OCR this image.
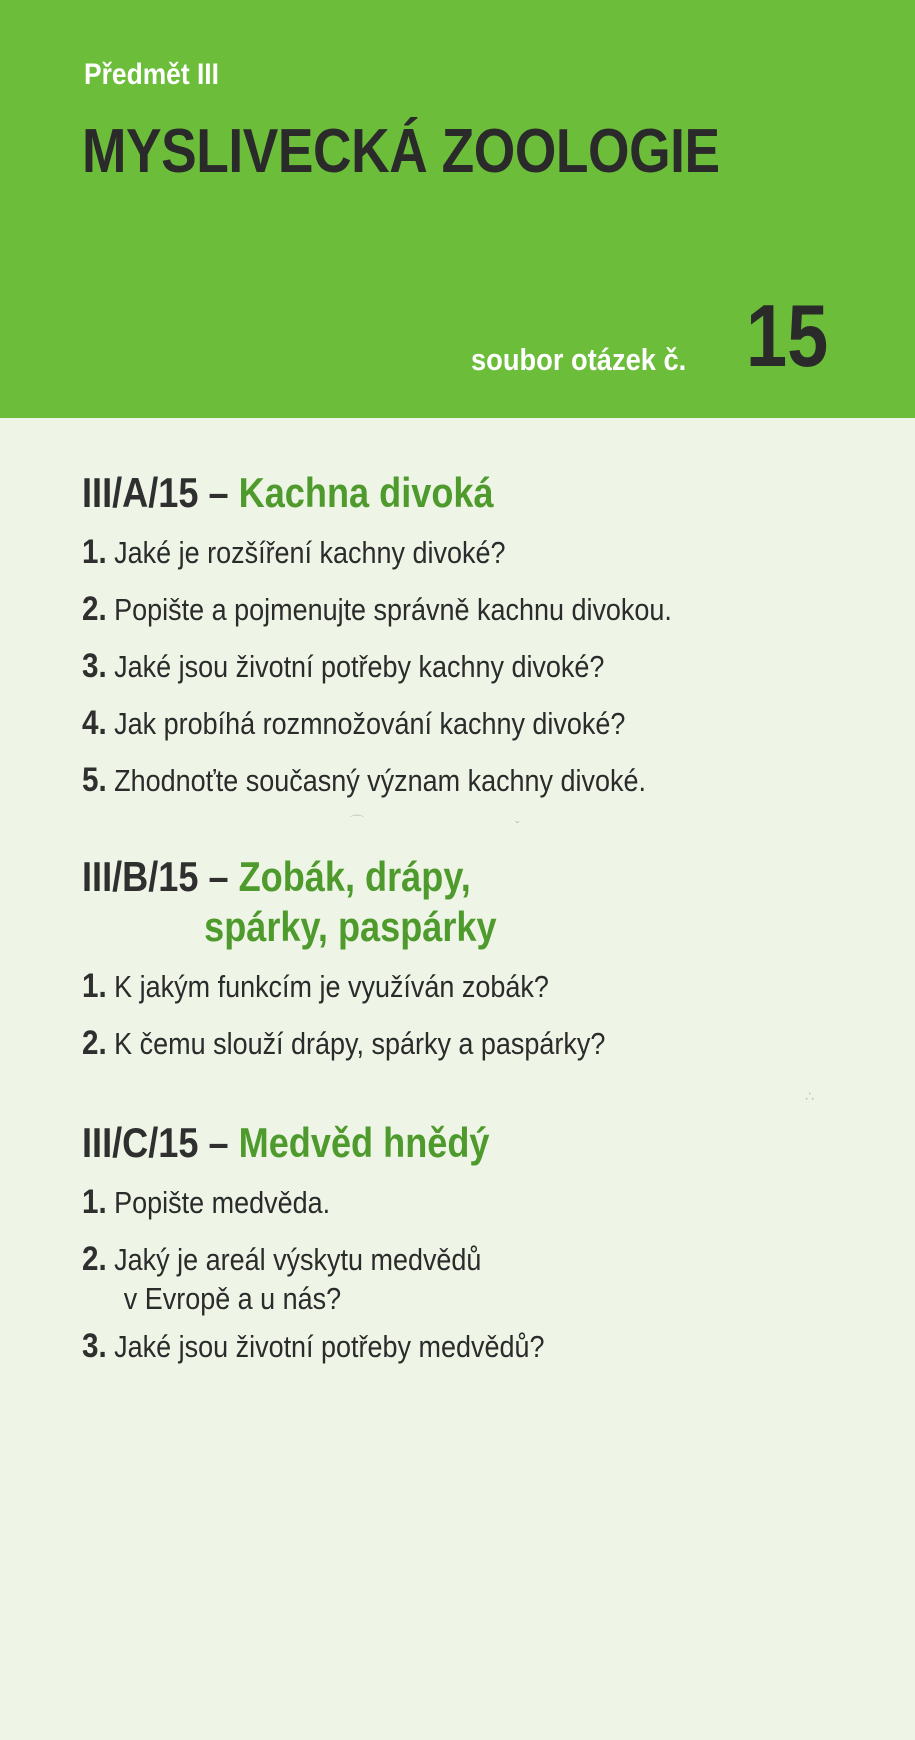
Předmět III
MYSLIVECKÁ ZOOLOGIE
soubor otázek č. 15
III/A/15 – Kachna divoká
1. Jaké je rozšíření kachny divoké?
2. Popište a pojmenujte správně kachnu divokou.
3. Jaké jsou životní potřeby kachny divoké?
4. Jak probíhá rozmnožování kachny divoké?
5. Zhodnoťte současný význam kachny divoké.
III/B/15 – Zobák, drápy,
spárky, paspárky
1. K jakým funkcím je využíván zobák?
2. K čemu slouží drápy, spárky a paspárky?
III/C/15 – Medvěd hnědý
1. Popište medvěda.
2. Jaký je areál výskytu medvědů
v Evropě a u nás?
3. Jaké jsou životní potřeby medvědů?
⌒	ˇ
∴
